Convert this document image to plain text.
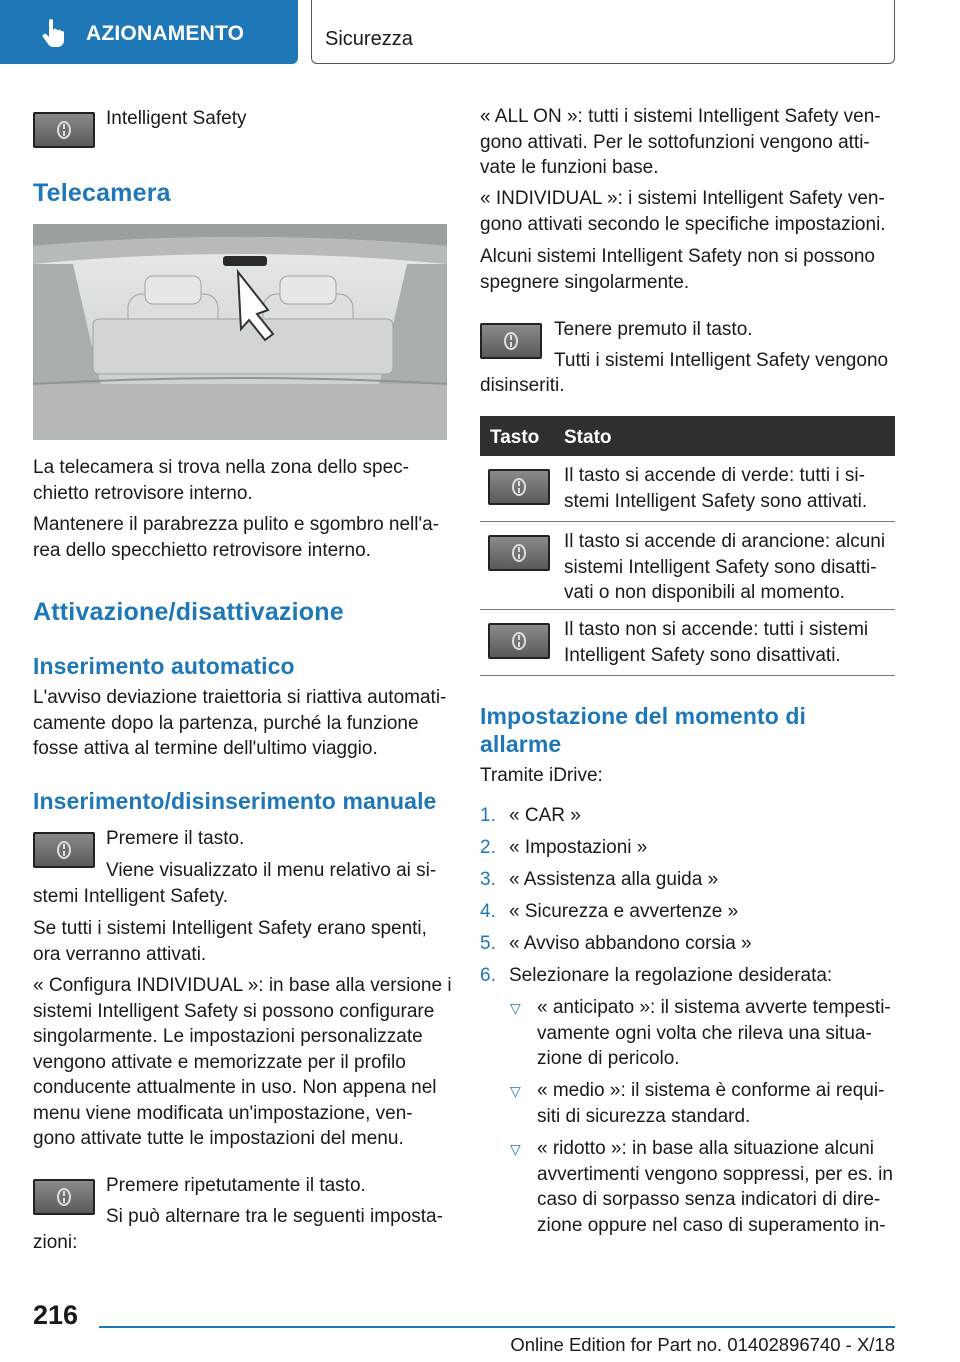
AZIONAMENTO	Sicurezza

Intelligent Safety

Telecamera

La telecamera si trova nella zona dello spec-
chietto retrovisore interno.

Mantenere il parabrezza pulito e sgombro nell'a-
rea dello specchietto retrovisore interno.

Attivazione/disattivazione
Inserimento automatico

L'avviso deviazione traiettoria si riattiva automati-
camente dopo la partenza, purché la funzione
fosse attiva al termine dell'ultimo viaggio.

Inserimento/disinserimento manuale

Premere il tasto.

Viene visualizzato il menu relativo ai si-

stemi Intelligent Safety.

Se tutti i sistemi Intelligent Safety erano spenti,
ora verranno attivati.

« Configura INDIVIDUAL »: in base alla versione i
sistemi Intelligent Safety si possono configurare
singolarmente. Le impostazioni personalizzate
vengono attivate e memorizzate per il profilo
conducente attualmente in uso. Non appena nel
menu viene modificata un'impostazione, ven-
gono attivate tutte le impostazioni del menu.

Premere ripetutamente il tasto.

Si può alternare tra le seguenti imposta-

zioni:

« ALL ON »: tutti i sistemi Intelligent Safety ven-
gono attivati. Per le sottofunzioni vengono atti-
vate le funzioni base.

« INDIVIDUAL »: i sistemi Intelligent Safety ven-
gono attivati secondo le specifiche impostazioni.

Alcuni sistemi Intelligent Safety non si possono
spegnere singolarmente.

Tenere premuto il tasto.

Tutti i sistemi Intelligent Safety vengono

disinseriti.

Tasto Stato

Il tasto si accende di verde: tutti i si-
stemi Intelligent Safety sono attivati.

Il tasto si accende di arancione: alcuni
sistemi Intelligent Safety sono disatti-
vati o non disponibili al momento.

Il tasto non si accende: tutti i sistemi
Intelligent Safety sono disattivati.

Impostazione del momento di
allarme

Tramite iDrive:

1. « CAR »
2. « Impostazioni »
3. « Assistenza alla guida »
4. « Sicurezza e avvertenze »
5. « Avviso abbandono corsia »
6. Selezionare la regolazione desiderata:
▽ « anticipato »: il sistema avverte tempesti-
vamente ogni volta che rileva una situa-
zione di pericolo.
▽ « medio »: il sistema è conforme ai requi-
siti di sicurezza standard.
▽ « ridotto »: in base alla situazione alcuni
avvertimenti vengono soppressi, per es. in
caso di sorpasso senza indicatori di dire-
zione oppure nel caso di superamento in-
216
Online Edition for Part no. 01402896740 - X/18
